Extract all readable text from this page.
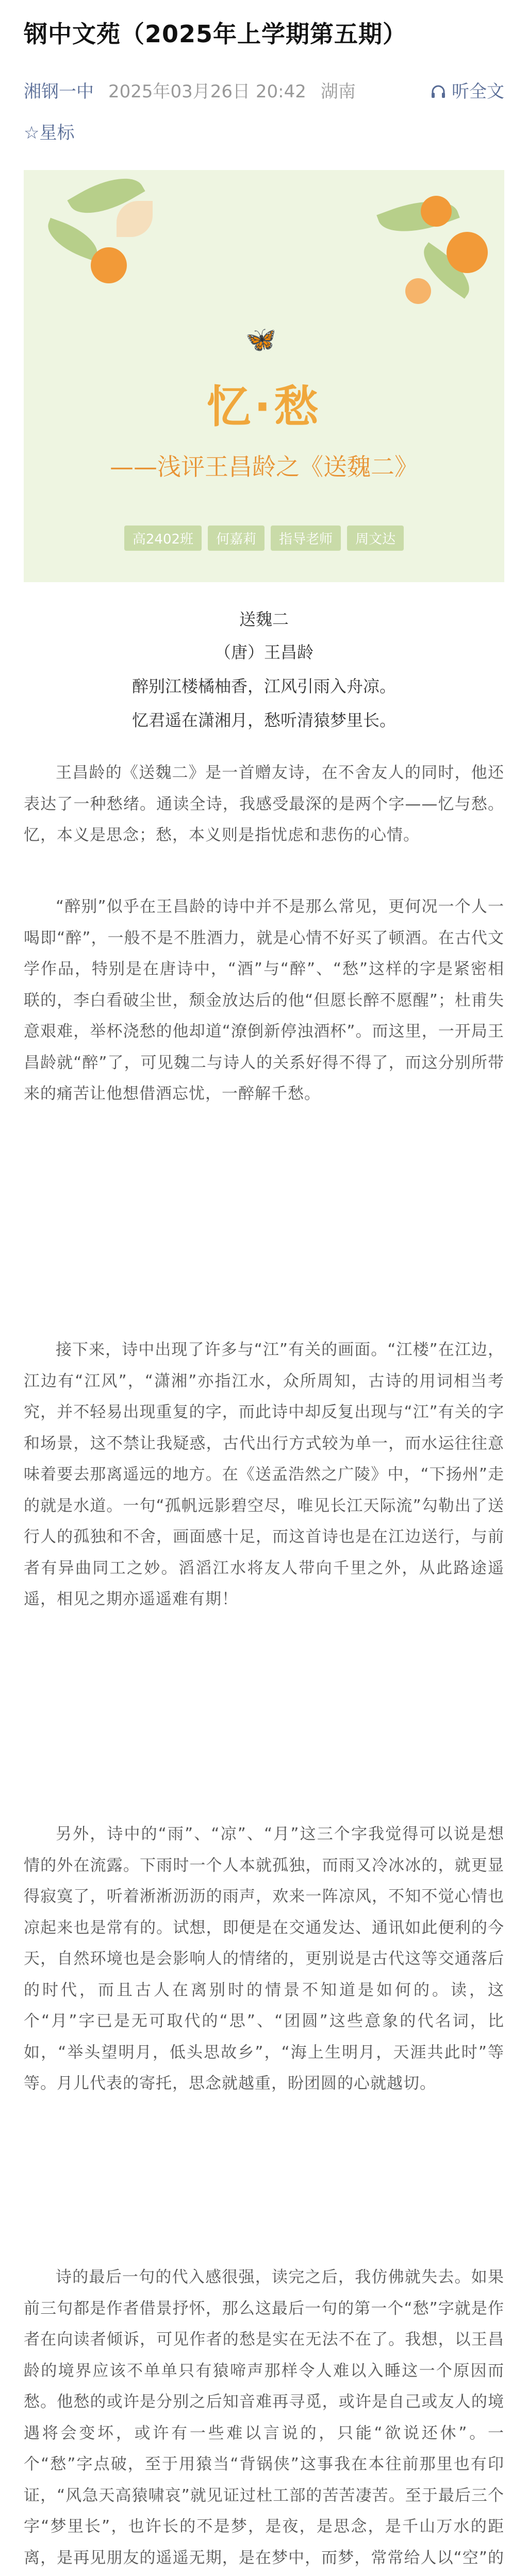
钢中文苑（2025年上学期第五期）
湘钢一中 2025年03月26日 20:42 湖南	听全文
☆星标
🦋
忆·愁
——浅评王昌龄之《送魏二》
高2402班 何嘉莉 指导老师 周文达
送魏二
（唐）王昌龄
醉别江楼橘柚香，江风引雨入舟凉。
忆君遥在潇湘月，愁听清猿梦里长。
王昌龄的《送魏二》是一首赠友诗，在不舍友人的同时，他还表达了一种愁绪。通读全诗，我感受最深的是两个字——忆与愁。忆，本义是思念；愁，本义则是指忧虑和悲伤的心情。
“醉别”似乎在王昌龄的诗中并不是那么常见，更何况一个人一喝即“醉”，一般不是不胜酒力，就是心情不好买了顿酒。在古代文学作品，特别是在唐诗中，“酒”与“醉”、“愁”这样的字是紧密相联的，李白看破尘世，颓金放达后的他“但愿长醉不愿醒”；杜甫失意艰难，举杯浇愁的他却道“潦倒新停浊酒杯”。而这里，一开局王昌龄就“醉”了，可见魏二与诗人的关系好得不得了，而这分别所带来的痛苦让他想借酒忘忧，一醉解千愁。
接下来，诗中出现了许多与“江”有关的画面。“江楼”在江边，江边有“江风”，“潇湘”亦指江水，众所周知，古诗的用词相当考究，并不轻易出现重复的字，而此诗中却反复出现与“江”有关的字和场景，这不禁让我疑惑，古代出行方式较为单一，而水运往往意味着要去那离遥远的地方。在《送孟浩然之广陵》中，“下扬州”走的就是水道。一句“孤帆远影碧空尽，唯见长江天际流”勾勒出了送行人的孤独和不舍，画面感十足，而这首诗也是在江边送行，与前者有异曲同工之妙。滔滔江水将友人带向千里之外，从此路途遥遥，相见之期亦遥遥难有期！
另外，诗中的“雨”、“凉”、“月”这三个字我觉得可以说是想情的外在流露。下雨时一个人本就孤独，而雨又冷冰冰的，就更显得寂寞了，听着淅淅沥沥的雨声，欢来一阵凉风，不知不觉心情也凉起来也是常有的。试想，即便是在交通发达、通讯如此便利的今天，自然环境也是会影响人的情绪的，更别说是古代这等交通落后的时代，而且古人在离别时的情景不知道是如何的。读，这个“月”字已是无可取代的“思”、“团圆”这些意象的代名词，比如，“举头望明月，低头思故乡”，“海上生明月，天涯共此时”等等。月儿代表的寄托，思念就越重，盼团圆的心就越切。
诗的最后一句的代入感很强，读完之后，我仿佛就失去。如果前三句都是作者借景抒怀，那么这最后一句的第一个“愁”字就是作者在向读者倾诉，可见作者的愁是实在无法不在了。我想，以王昌龄的境界应该不单单只有猿啼声那样令人难以入睡这一个原因而愁。他愁的或许是分别之后知音难再寻觅，或许是自己或友人的境遇将会变坏，或许有一些难以言说的，只能“欲说还休”。一个“愁”字点破，至于用猿当“背锅侠”这事我在本往前那里也有印证，“风急天高猿啸哀”就见证过杜工部的苦苦凄苦。至于最后三个字“梦里长”，也许长的不是梦，是夜，是思念，是千山万水的距离，是再见朋友的遥遥无期，是在梦中，而梦，常常给人以“空”的
